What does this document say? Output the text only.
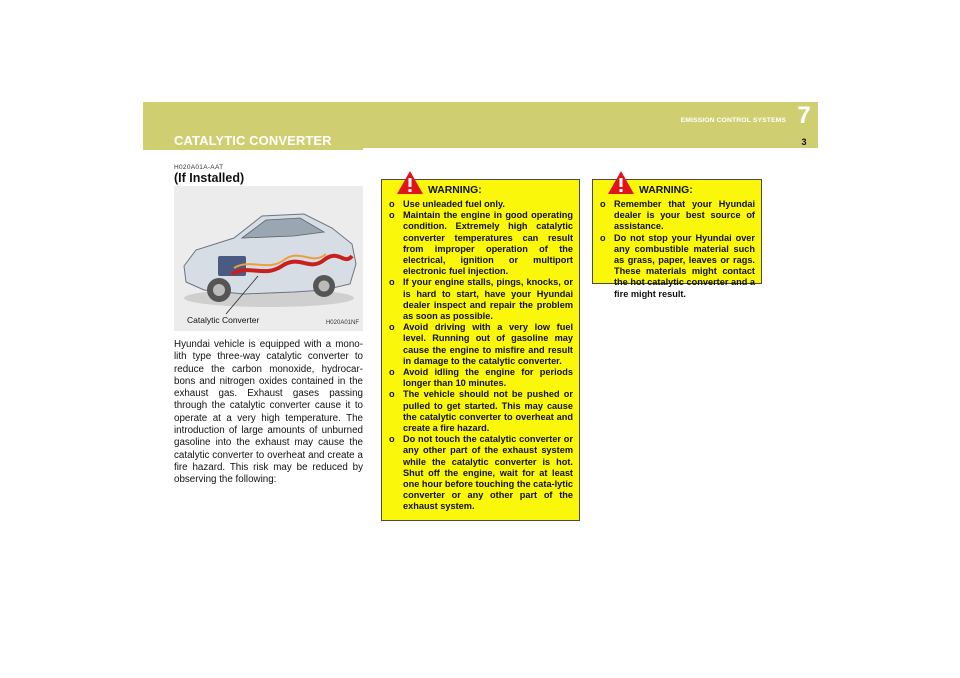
EMISSION CONTROL SYSTEMS 7
3
CATALYTIC CONVERTER
H020A01A-AAT
(If Installed)
Catalytic Converter	H020A01NF
Hyundai vehicle is equipped with a mono-lith type three-way catalytic converter to reduce the carbon monoxide, hydrocar-bons and nitrogen oxides contained in the exhaust gas. Exhaust gases passing through the catalytic converter cause it to operate at a very high temperature. The introduction of large amounts of unburned gasoline into the exhaust may cause the catalytic converter to overheat and create a fire hazard. This risk may be reduced by observing the following:
WARNING:
o Use unleaded fuel only.
o Maintain the engine in good operating condition. Extremely high catalytic converter temperatures can result from improper operation of the electrical, ignition or multiport electronic fuel injection.
o If your engine stalls, pings, knocks, or is hard to start, have your Hyundai dealer inspect and repair the problem as soon as possible.
o Avoid driving with a very low fuel level. Running out of gasoline may cause the engine to misfire and result in damage to the catalytic converter.
o Avoid idling the engine for periods longer than 10 minutes.
o The vehicle should not be pushed or pulled to get started. This may cause the catalytic converter to overheat and create a fire hazard.
o Do not touch the catalytic converter or any other part of the exhaust system while the catalytic converter is hot. Shut off the engine, wait for at least one hour before touching the cata-lytic converter or any other part of the exhaust system.
WARNING:
o Remember that your Hyundai dealer is your best source of assistance.
o Do not stop your Hyundai over any combustible material such as grass, paper, leaves or rags. These materials might contact the hot catalytic converter and a fire might result.
